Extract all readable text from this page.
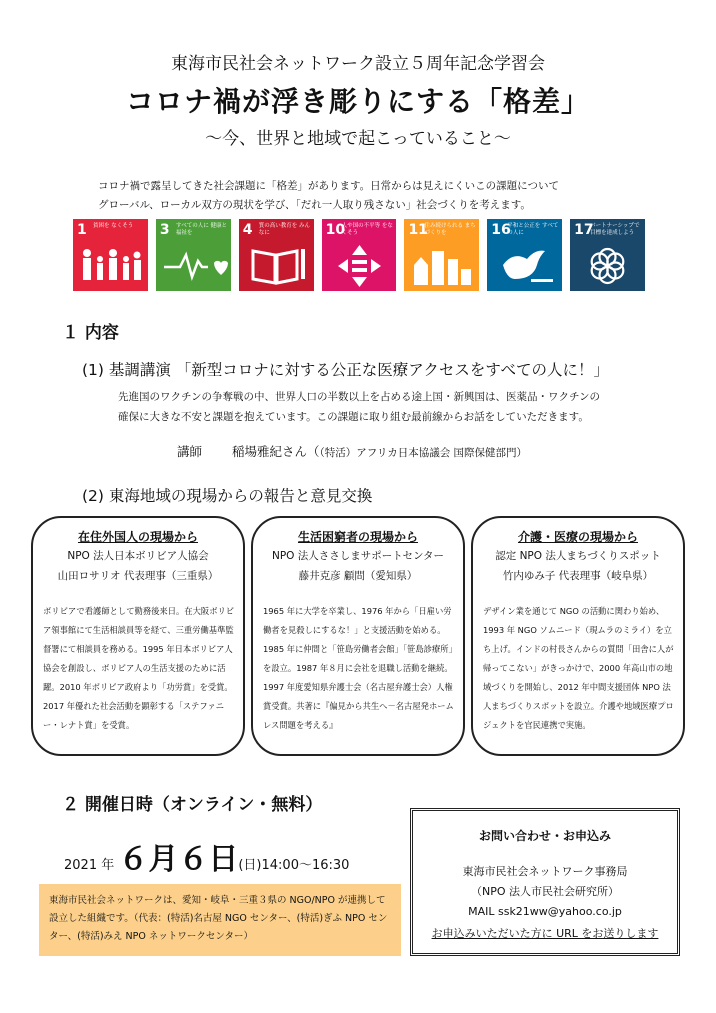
東海市民社会ネットワーク設立５周年記念学習会
コロナ禍が浮き彫りにする「格差」
～今、世界と地域で起こっていること～
コロナ禍で露呈してきた社会課題に「格差」があります。日常からは見えにくいこの課題について
グローバル、ローカル双方の現状を学び、「だれ一人取り残さない」社会づくりを考えます。
1 貧困を なくそう	3 すべての人に 健康と福祉を	4 質の高い教育を みんなに	10
人や国の不平等 をなくそう	11
住み続けられる まちづくりを	16
平和と公正を すべての人に	17
パートナーシップで 目標を達成しよう
１ 内容
(1) 基調講演 「新型コロナに対する公正な医療アクセスをすべての人に！」
先進国のワクチンの争奪戦の中、世界人口の半数以上を占める途上国・新興国は、医薬品・ワクチンの
確保に大きな不安と課題を抱えています。この課題に取り組む最前線からお話をしていただきます。
講師 稲場雅紀さん（（特活）アフリカ日本協議会 国際保健部門）
(2) 東海地域の現場からの報告と意見交換
在住外国人の現場から
NPO 法人日本ボリビア人協会
山田ロサリオ 代表理事（三重県）
ボリビアで看護師として勤務後来日。在大阪ボリビア領事館にて生活相談員等を経て、三重労働基準監督署にて相談員を務める。1995 年日本ボリビア人協会を創設し、ボリビア人の生活支援のために活躍。2010 年ボリビア政府より「功労賞」を受賞。2017 年優れた社会活動を顕彰する「ステファニー・レナト賞」を受賞。
生活困窮者の現場から
NPO 法人ささしまサポートセンター
藤井克彦 顧問（愛知県）
1965 年に大学を卒業し、1976 年から「日雇い労働者を見殺しにするな！」と支援活動を始める。1985 年に仲間と「笹島労働者会館」「笹島診療所」を設立。1987 年８月に会社を退職し活動を継続。1997 年度愛知県弁護士会（名古屋弁護士会）人権賞受賞。共著に『偏見から共生へ－名古屋発ホームレス問題を考える』
介護・医療の現場から
認定 NPO 法人まちづくりスポット
竹内ゆみ子 代表理事（岐阜県）
デザイン業を通じて NGO の活動に関わり始め、1993 年 NGO ソムニード（現ムラのミライ）を立ち上げ。インドの村長さんからの質問「田舎に人が帰ってこない」がきっかけで、2000 年高山市の地域づくりを開始し、2012 年中間支援団体 NPO 法人まちづくりスポットを設立。介護や地域医療プロジェクトを官民連携で実施。
２ 開催日時（オンライン・無料）
2021 年 ６月６日(日)14:00～16:30
東海市民社会ネットワークは、愛知・岐阜・三重３県の NGO/NPO が連携して設立した組織です。（代表：(特活)名古屋 NGO センター、(特活)ぎふ NPO センター、(特活)みえ NPO ネットワークセンター）
お問い合わせ・お申込み
東海市民社会ネットワーク事務局
（NPO 法人市民社会研究所）
MAIL ssk21ww@yahoo.co.jp
お申込みいただいた方に URL をお送りします
